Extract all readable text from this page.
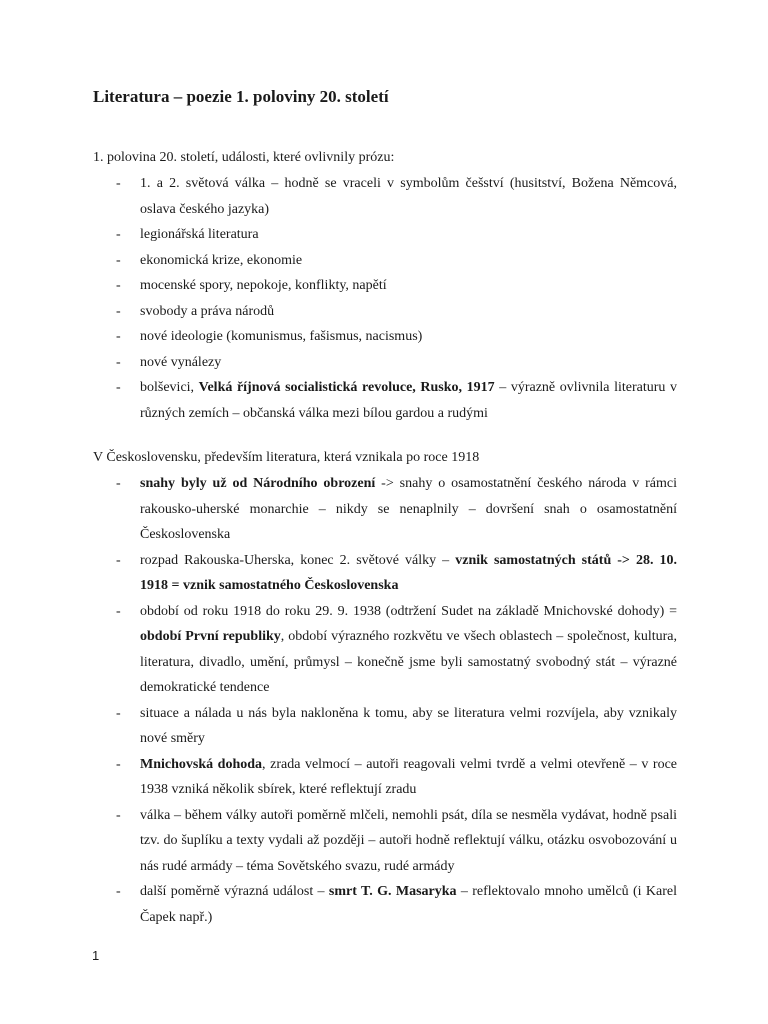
Literatura – poezie 1. poloviny 20. století
1. polovina 20. století, události, které ovlivnily prózu:
-	1. a 2. světová válka – hodně se vraceli v symbolům češství (husitství, Božena Němcová, oslava českého jazyka)
-	legionářská literatura
-	ekonomická krize, ekonomie
-	mocenské spory, nepokoje, konflikty, napětí
-	svobody a práva národů
-	nové ideologie (komunismus, fašismus, nacismus)
-	nové vynálezy
-	bolševici, Velká říjnová socialistická revoluce, Rusko, 1917 – výrazně ovlivnila literaturu v různých zemích – občanská válka mezi bílou gardou a rudými
V Československu, především literatura, která vznikala po roce 1918
-	snahy byly už od Národního obrození -> snahy o osamostatnění českého národa v rámci rakousko-uherské monarchie – nikdy se nenaplnily – dovršení snah o osamostatnění Československa
-	rozpad Rakouska-Uherska, konec 2. světové války – vznik samostatných států -> 28. 10. 1918 = vznik samostatného Československa
-	období od roku 1918 do roku 29. 9. 1938 (odtržení Sudet na základě Mnichovské dohody) = období První republiky, období výrazného rozkvětu ve všech oblastech – společnost, kultura, literatura, divadlo, umění, průmysl – konečně jsme byli samostatný svobodný stát – výrazné demokratické tendence
-	situace a nálada u nás byla nakloněna k tomu, aby se literatura velmi rozvíjela, aby vznikaly nové směry
-	Mnichovská dohoda, zrada velmocí – autoři reagovali velmi tvrdě a velmi otevřeně – v roce 1938 vzniká několik sbírek, které reflektují zradu
-	válka – během války autoři poměrně mlčeli, nemohli psát, díla se nesměla vydávat, hodně psali tzv. do šuplíku a texty vydali až později – autoři hodně reflektují válku, otázku osvobozování u nás rudé armády – téma Sovětského svazu, rudé armády
-	další poměrně výrazná událost – smrt T. G. Masaryka – reflektovalo mnoho umělců (i Karel Čapek např.)
1
